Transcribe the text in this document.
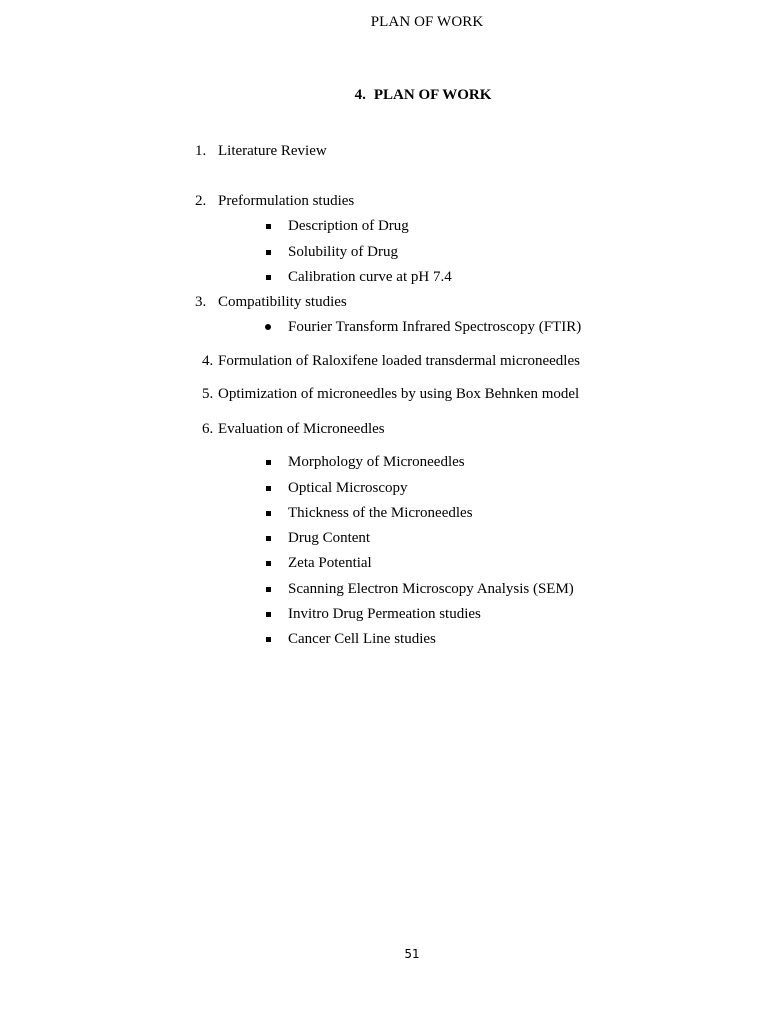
PLAN OF WORK
4. PLAN OF WORK
1. Literature Review
2. Preformulation studies
Description of Drug
Solubility of Drug
Calibration curve at pH 7.4
3. Compatibility studies
Fourier Transform Infrared Spectroscopy (FTIR)
4. Formulation of Raloxifene loaded transdermal microneedles
5. Optimization of microneedles by using Box Behnken model
6. Evaluation of Microneedles
Morphology of Microneedles
Optical Microscopy
Thickness of the Microneedles
Drug Content
Zeta Potential
Scanning Electron Microscopy Analysis (SEM)
Invitro Drug Permeation studies
Cancer Cell Line studies
51
